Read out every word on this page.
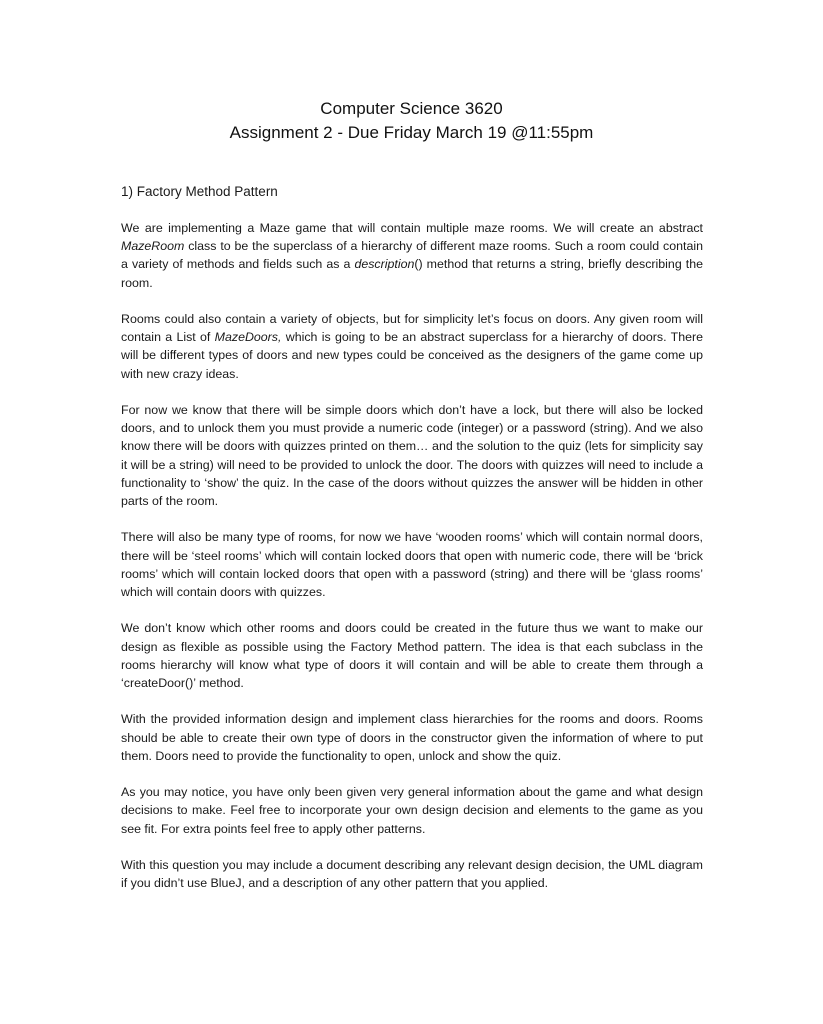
Computer Science 3620
Assignment 2 - Due Friday March 19 @11:55pm
1) Factory Method Pattern

We are implementing a Maze game that will contain multiple maze rooms. We will create an abstract MazeRoom class to be the superclass of a hierarchy of different maze rooms. Such a room could contain a variety of methods and fields such as a description() method that returns a string, briefly describing the room.

Rooms could also contain a variety of objects, but for simplicity let’s focus on doors. Any given room will contain a List of MazeDoors, which is going to be an abstract superclass for a hierarchy of doors. There will be different types of doors and new types could be conceived as the designers of the game come up with new crazy ideas.

For now we know that there will be simple doors which don’t have a lock, but there will also be locked doors, and to unlock them you must provide a numeric code (integer) or a password (string). And we also know there will be doors with quizzes printed on them… and the solution to the quiz (lets for simplicity say it will be a string) will need to be provided to unlock the door. The doors with quizzes will need to include a functionality to ‘show’ the quiz. In the case of the doors without quizzes the answer will be hidden in other parts of the room.

There will also be many type of rooms, for now we have ‘wooden rooms’ which will contain normal doors, there will be ‘steel rooms’ which will contain locked doors that open with numeric code, there will be ‘brick rooms’ which will contain locked doors that open with a password (string) and there will be ‘glass rooms’ which will contain doors with quizzes.

We don’t know which other rooms and doors could be created in the future thus we want to make our design as flexible as possible using the Factory Method pattern. The idea is that each subclass in the rooms hierarchy will know what type of doors it will contain and will be able to create them through a ‘createDoor()’ method.

With the provided information design and implement class hierarchies for the rooms and doors. Rooms should be able to create their own type of doors in the constructor given the information of where to put them. Doors need to provide the functionality to open, unlock and show the quiz.

As you may notice, you have only been given very general information about the game and what design decisions to make. Feel free to incorporate your own design decision and elements to the game as you see fit. For extra points feel free to apply other patterns.

With this question you may include a document describing any relevant design decision, the UML diagram if you didn’t use BlueJ, and a description of any other pattern that you applied.
